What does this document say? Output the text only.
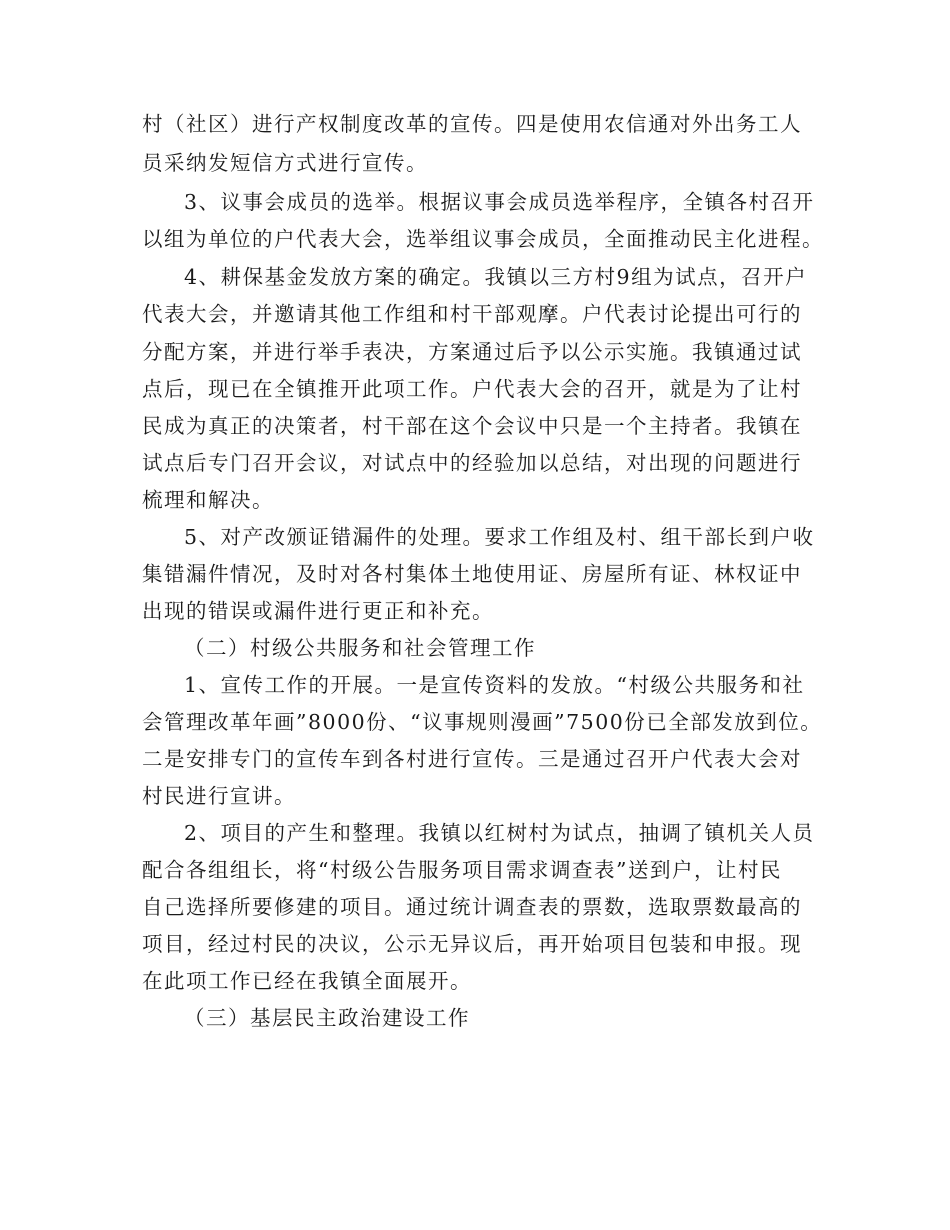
村（社区）进行产权制度改革的宣传。四是使用农信通对外出务工人
员采纳发短信方式进行宣传。
3、议事会成员的选举。根据议事会成员选举程序，全镇各村召开
以组为单位的户代表大会，选举组议事会成员，全面推动民主化进程。
4、耕保基金发放方案的确定。我镇以三方村9组为试点，召开户
代表大会，并邀请其他工作组和村干部观摩。户代表讨论提出可行的
分配方案，并进行举手表决，方案通过后予以公示实施。我镇通过试
点后，现已在全镇推开此项工作。户代表大会的召开，就是为了让村
民成为真正的决策者，村干部在这个会议中只是一个主持者。我镇在
试点后专门召开会议，对试点中的经验加以总结，对出现的问题进行
梳理和解决。
5、对产改颁证错漏件的处理。要求工作组及村、组干部长到户收
集错漏件情况，及时对各村集体土地使用证、房屋所有证、林权证中
出现的错误或漏件进行更正和补充。
（二）村级公共服务和社会管理工作
1、宣传工作的开展。一是宣传资料的发放。“村级公共服务和社
会管理改革年画”8000份、“议事规则漫画”7500份已全部发放到位。
二是安排专门的宣传车到各村进行宣传。三是通过召开户代表大会对
村民进行宣讲。
2、项目的产生和整理。我镇以红树村为试点，抽调了镇机关人员
配合各组组长，将“村级公告服务项目需求调查表”送到户，让村民
自己选择所要修建的项目。通过统计调查表的票数，选取票数最高的
项目，经过村民的决议，公示无异议后，再开始项目包装和申报。现
在此项工作已经在我镇全面展开。
（三）基层民主政治建设工作
